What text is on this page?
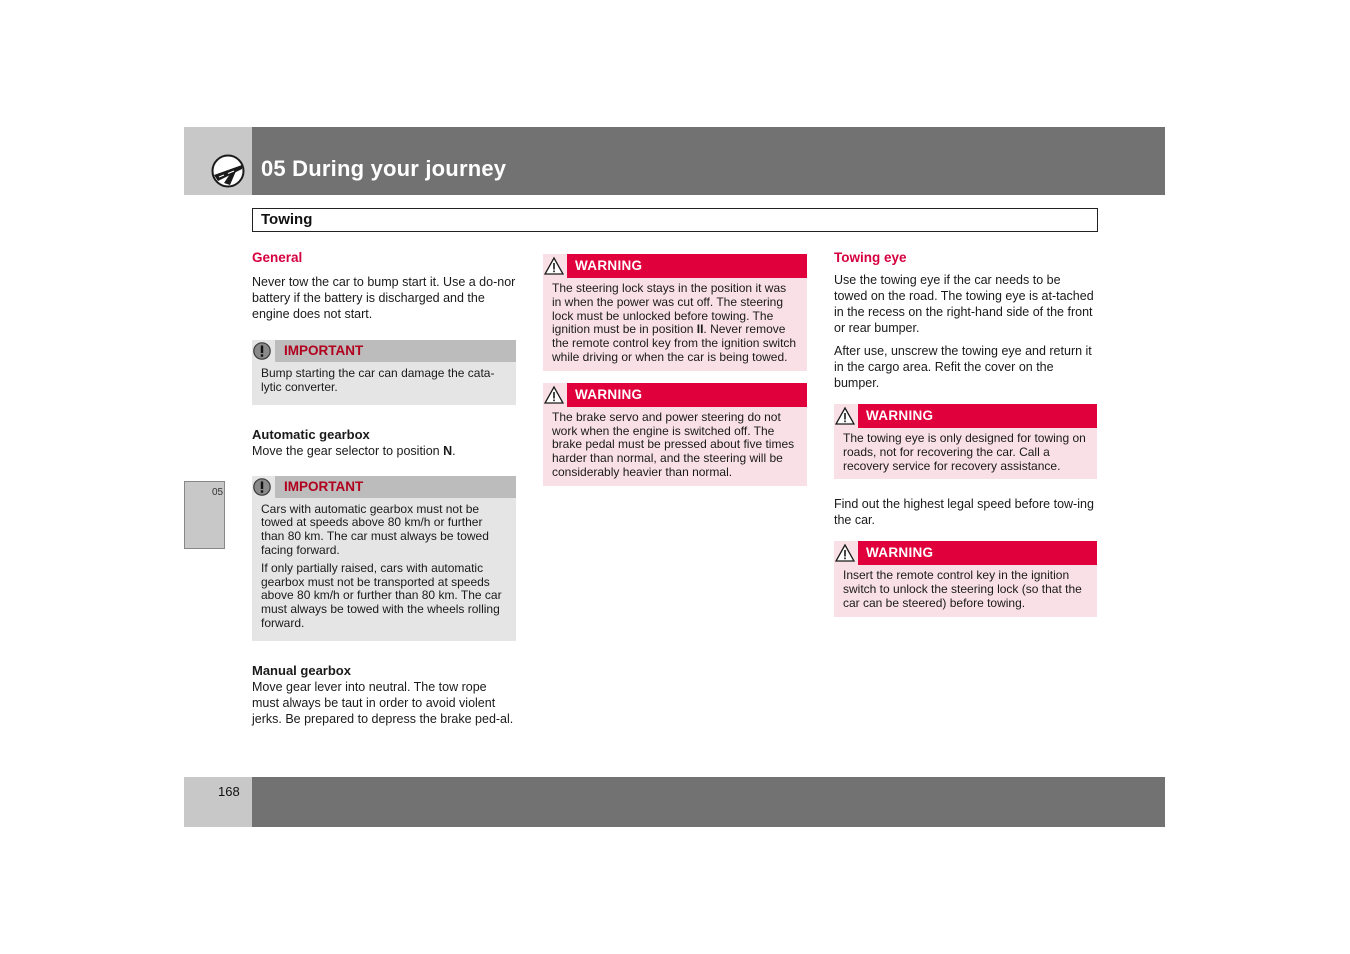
05 During your journey
Towing
05
General

Never tow the car to bump start it. Use a do-nor battery if the battery is discharged and the engine does not start.

IMPORTANT

Bump starting the car can damage the cata-lytic converter.

Automatic gearbox

Move the gear selector to position N.

IMPORTANT

Cars with automatic gearbox must not be towed at speeds above 80 km/h or further than 80 km. The car must always be towed facing forward.

If only partially raised, cars with automatic gearbox must not be transported at speeds above 80 km/h or further than 80 km. The car must always be towed with the wheels rolling forward.

Manual gearbox

Move gear lever into neutral. The tow rope must always be taut in order to avoid violent jerks. Be prepared to depress the brake ped-al.

WARNING
The steering lock stays in the position it was in when the power was cut off. The steering lock must be unlocked before towing. The ignition must be in position II. Never remove the remote control key from the ignition switch while driving or when the car is being towed.
WARNING
The brake servo and power steering do not work when the engine is switched off. The brake pedal must be pressed about five times harder than normal, and the steering will be considerably heavier than normal.
Towing eye

Use the towing eye if the car needs to be towed on the road. The towing eye is at-tached in the recess on the right-hand side of the front or rear bumper.

After use, unscrew the towing eye and return it in the cargo area. Refit the cover on the bumper.

WARNING
The towing eye is only designed for towing on roads, not for recovering the car. Call a recovery service for recovery assistance.

Find out the highest legal speed before tow-ing the car.

WARNING
Insert the remote control key in the ignition switch to unlock the steering lock (so that the car can be steered) before towing.
168
